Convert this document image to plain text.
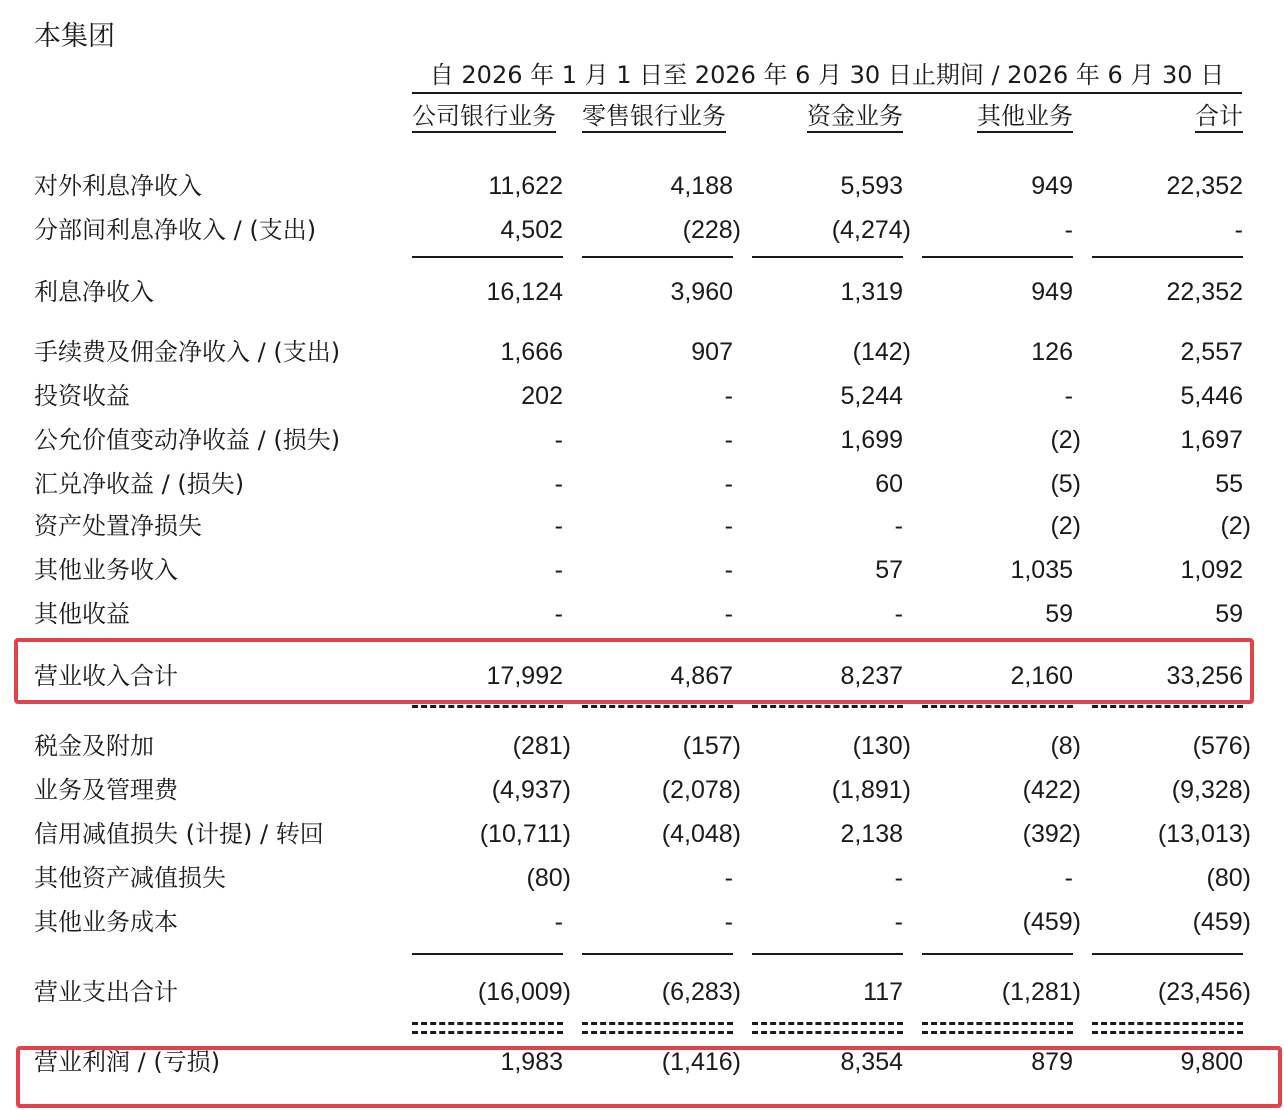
本集团
自 2026 年 1 月 1 日至 2026 年 6 月 30 日止期间 / 2026 年 6 月 30 日
公司银行业务 零售银行业务	资金业务	其他业务	合计
对外利息净收入	11,622	4,188	5,593	949	22,352
分部间利息净收入 / (支出)	4,502	(228)	(4,274)	-	-
利息净收入	16,124	3,960	1,319	949	22,352
手续费及佣金净收入 / (支出)	1,666	907	(142)	126	2,557
投资收益	202	-	5,244	-	5,446
公允价值变动净收益 / (损失)	-	-	1,699	(2)	1,697
汇兑净收益 / (损失)	-	-	60	(5)	55
资产处置净损失	-	-	-	(2)	(2)
其他业务收入	-	-	57	1,035	1,092
其他收益	-	-	-	59	59
营业收入合计	17,992	4,867	8,237	2,160	33,256
税金及附加	(281)	(157)	(130)	(8)	(576)
业务及管理费	(4,937)	(2,078)	(1,891)	(422)	(9,328)
信用减值损失 (计提) / 转回	(10,711)	(4,048)	2,138	(392)	(13,013)
其他资产减值损失	(80)	-	-	-	(80)
其他业务成本	-	-	-	(459)	(459)
营业支出合计	(16,009)	(6,283)	117	(1,281)	(23,456)
营业利润 / (亏损)	1,983	(1,416)	8,354	879	9,800
